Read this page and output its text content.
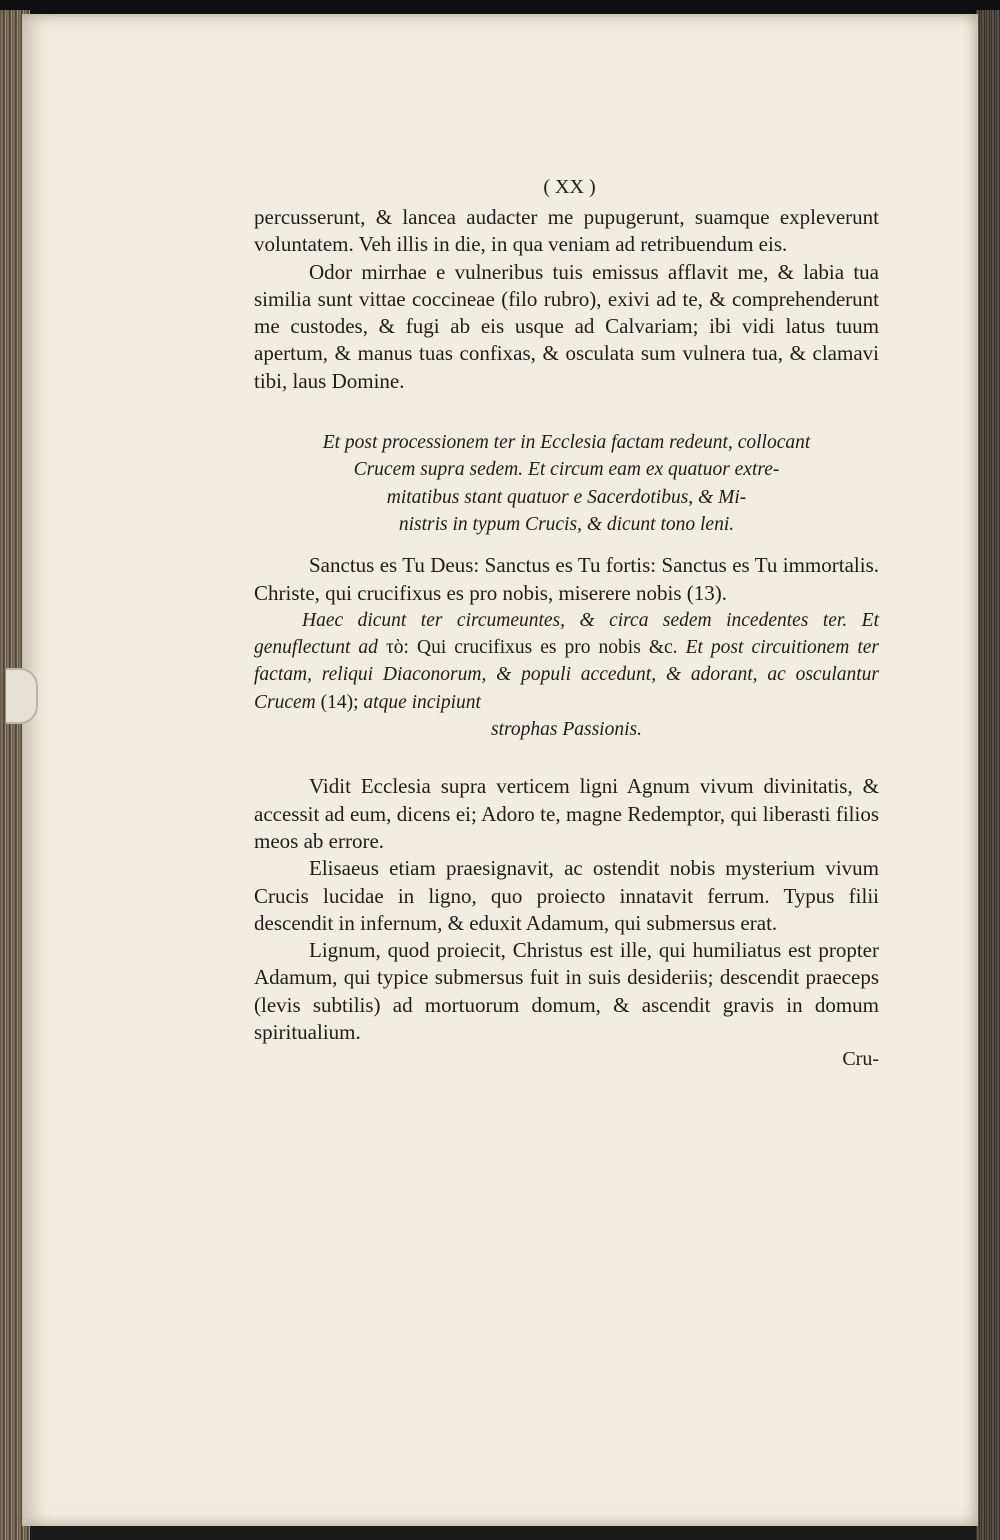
( XX )

percusserunt, & lancea audacter me pupugerunt, suamque expleverunt voluntatem. Veh illis in die, in qua veniam ad retribuendum eis.

Odor mirrhae e vulneribus tuis emissus afflavit me, & labia tua similia sunt vittae coccineae (filo rubro), exivi ad te, & comprehenderunt me custodes, & fugi ab eis usque ad Calvariam; ibi vidi latus tuum apertum, & manus tuas confixas, & osculata sum vulnera tua, & clamavi tibi, laus Domine.

Et post processionem ter in Ecclesia factam redeunt, collocant
Crucem supra sedem. Et circum eam ex quatuor extre-
mitatibus stant quatuor e Sacerdotibus, & Mi-
nistris in typum Crucis, & dicunt tono leni.

Sanctus es Tu Deus: Sanctus es Tu fortis: Sanctus es Tu immortalis. Christe, qui crucifixus es pro nobis, miserere nobis (13).

Haec dicunt ter circumeuntes, & circa sedem incedentes ter. Et genuflectunt ad τὸ: Qui crucifixus es pro nobis &c. Et post circuitionem ter factam, reliqui Diaconorum, & populi accedunt, & adorant, ac osculantur Crucem (14); atque incipiunt

strophas Passionis.

Vidit Ecclesia supra verticem ligni Agnum vivum divinitatis, & accessit ad eum, dicens ei; Adoro te, magne Redemptor, qui liberasti filios meos ab errore.

Elisaeus etiam praesignavit, ac ostendit nobis mysterium vivum Crucis lucidae in ligno, quo proiecto innatavit ferrum. Typus filii descendit in infernum, & eduxit Adamum, qui submersus erat.

Lignum, quod proiecit, Christus est ille, qui humiliatus est propter Adamum, qui typice submersus fuit in suis desideriis; descendit praeceps (levis subtilis) ad mortuorum domum, & ascendit gravis in domum spiritualium.

Cru-
